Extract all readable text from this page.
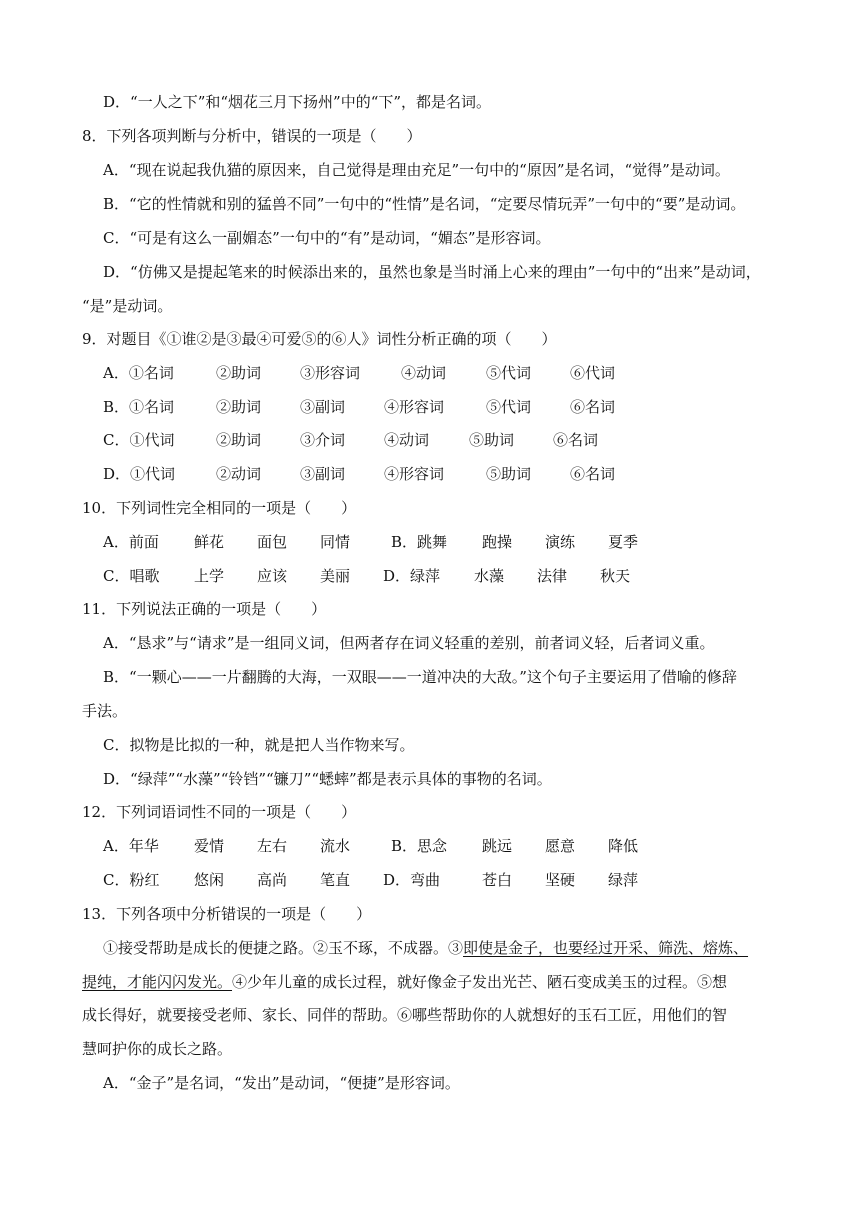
D．“一人之下”和“烟花三月下扬州”中的“下”，都是名词。
8．下列各项判断与分析中，错误的一项是（　　）
A．“现在说起我仇猫的原因来，自己觉得是理由充足”一句中的“原因”是名词，“觉得”是动词。
B．“它的性情就和别的猛兽不同”一句中的“性情”是名词，“定要尽情玩弄”一句中的“要”是动词。
C．“可是有这么一副媚态”一句中的“有”是动词，“媚态”是形容词。
D．“仿佛又是提起笔来的时候添出来的，虽然也象是当时涌上心来的理由”一句中的“出来”是动词，
“是”是动词。
9．对题目《①谁②是③最④可爱⑤的⑥人》词性分析正确的项（　　）
A．①名词	②助词	③形容词	④动词	⑤代词	⑥代词
B．①名词	②助词	③副词	④形容词	⑤代词	⑥名词
C．①代词	②助词	③介词	④动词	⑤助词	⑥名词
D．①代词	②动词	③副词	④形容词	⑤助词	⑥名词
10．下列词性完全相同的一项是（　　）
A．前面 鲜花 面包 同情	B．跳舞 跑操 演练 夏季
C．唱歌 上学 应该 美丽 D．绿萍 水藻 法律 秋天
11．下列说法正确的一项是（　　）
A．“恳求”与“请求”是一组同义词，但两者存在词义轻重的差别，前者词义轻，后者词义重。
B．“一颗心——一片翻腾的大海，一双眼——一道冲决的大敌。”这个句子主要运用了借喻的修辞
手法。
C．拟物是比拟的一种，就是把人当作物来写。
D．“绿萍”“水藻”“铃铛”“镰刀”“蟋蟀”都是表示具体的事物的名词。
12．下列词语词性不同的一项是（　　）
A．年华 爱情 左右 流水	B．思念 跳远 愿意 降低
C．粉红 悠闲 高尚 笔直 D．弯曲	苍白 坚硬 绿萍
13．下列各项中分析错误的一项是（　　）
①接受帮助是成长的便捷之路。②玉不琢，不成器。③即使是金子，也要经过开采、筛洗、熔炼、
提纯，才能闪闪发光。④少年儿童的成长过程，就好像金子发出光芒、陋石变成美玉的过程。⑤想
成长得好，就要接受老师、家长、同伴的帮助。⑥哪些帮助你的人就想好的玉石工匠，用他们的智
慧呵护你的成长之路。
A．“金子”是名词，“发出”是动词，“便捷”是形容词。
